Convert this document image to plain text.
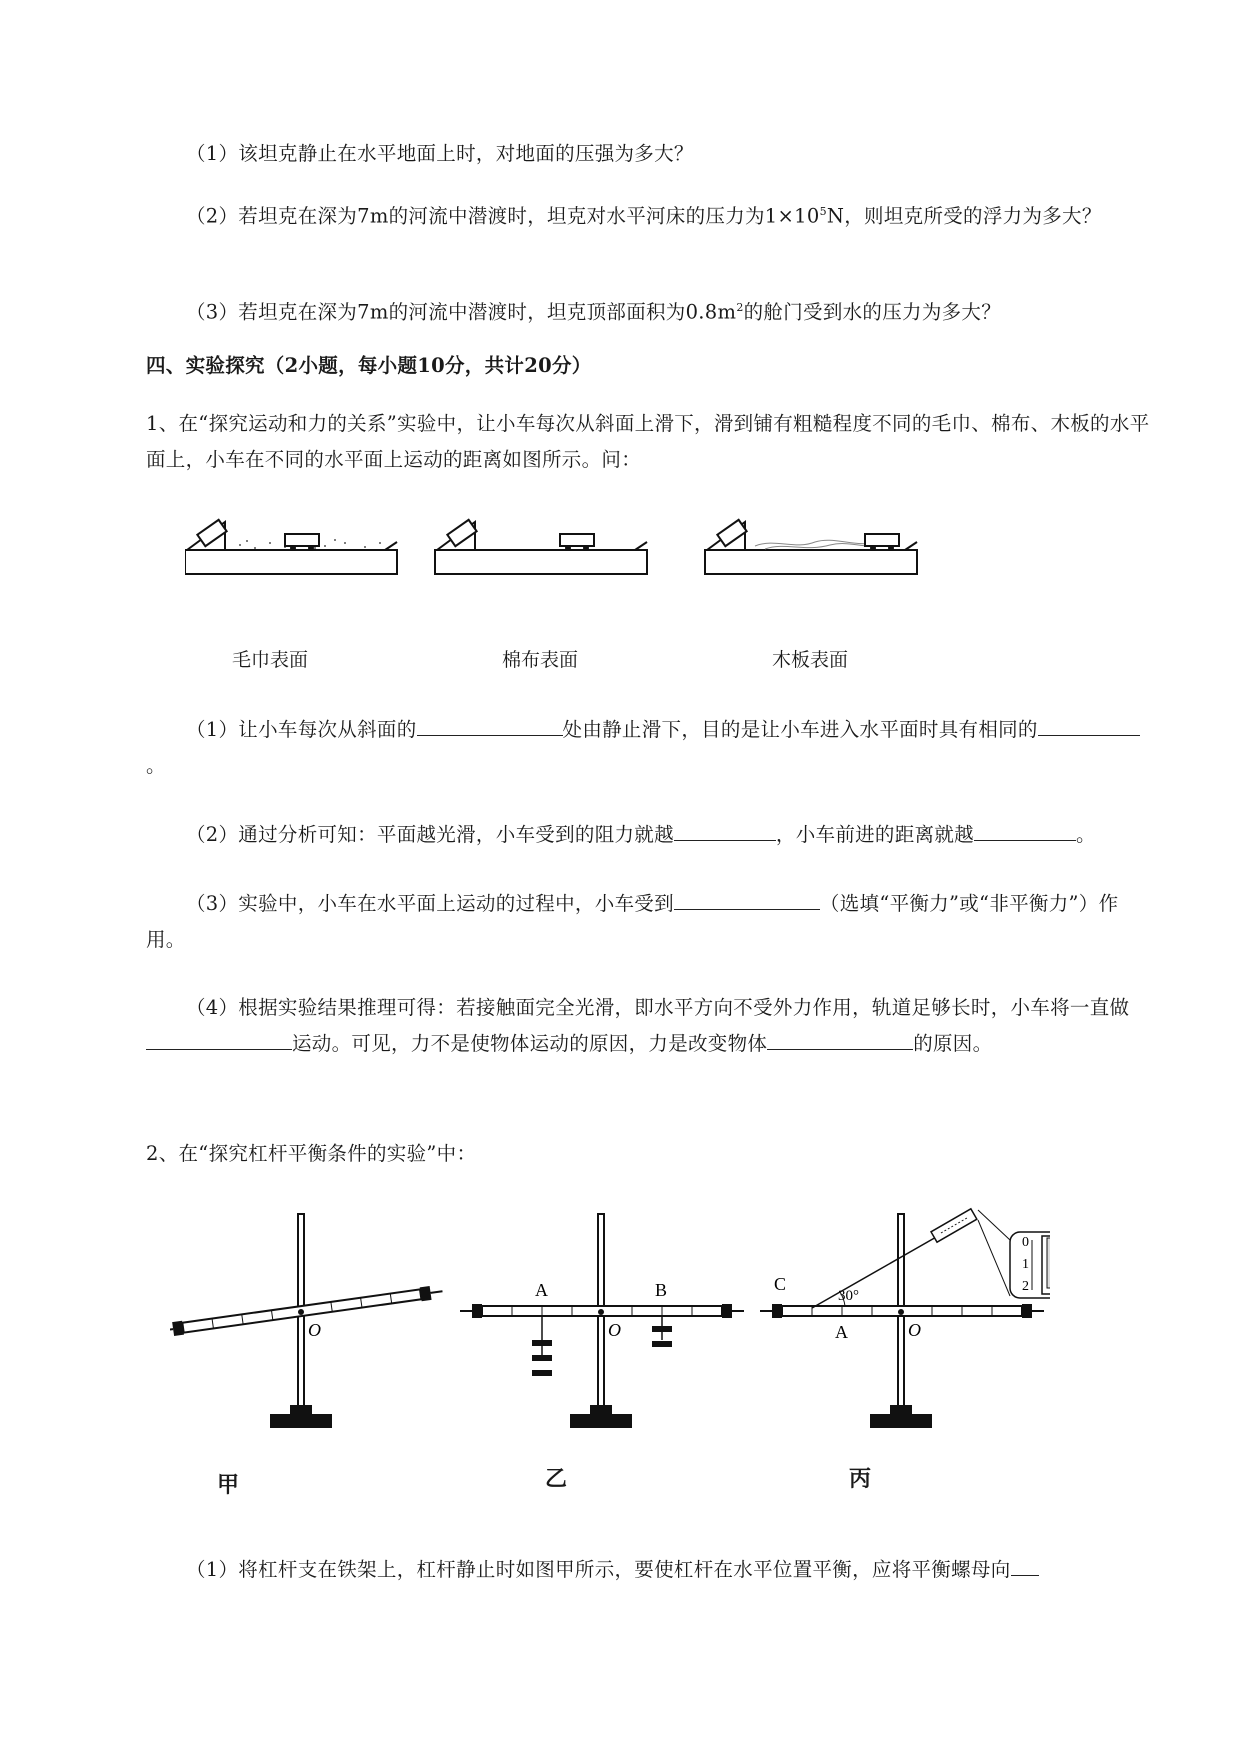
（1）该坦克静止在水平地面上时，对地面的压强为多大？
（2）若坦克在深为7m的河流中潜渡时，坦克对水平河床的压力为$1\times 10^5N$，则坦克所受的浮力为多大？
（3）若坦克在深为7m的河流中潜渡时，坦克顶部面积为$0.8m^2$的舱门受到水的压力为多大？
四、实验探究（2小题，每小题10分，共计20分）
1、在“探究运动和力的关系”实验中，让小车每次从斜面上滑下，滑到铺有粗糙程度不同的毛巾、棉布、木板的水平面上，小车在不同的水平面上运动的距离如图所示。问：
毛巾表面	棉布表面	木板表面
（1）让小车每次从斜面的	处由静止滑下，目的是让小车进入水平面时具有相同的。
（2）通过分析可知：平面越光滑，小车受到的阻力就越	，小车前进的距离就越	。
（3）实验中，小车在水平面上运动的过程中，小车受到	（选填“平衡力”或“非平衡力”）作用。
（4）根据实验结果推理可得：若接触面完全光滑，即水平方向不受外力作用，轨道足够长时，小车将一直做运动。可见，力不是使物体运动的原因，力是改变物体	的原因。
2、在“探究杠杆平衡条件的实验”中：
O
A	B
O
0
1
2
C
30°
A	O
甲	乙	丙
（1）将杠杆支在铁架上，杠杆静止时如图甲所示，要使杠杆在水平位置平衡，应将平衡螺母向
